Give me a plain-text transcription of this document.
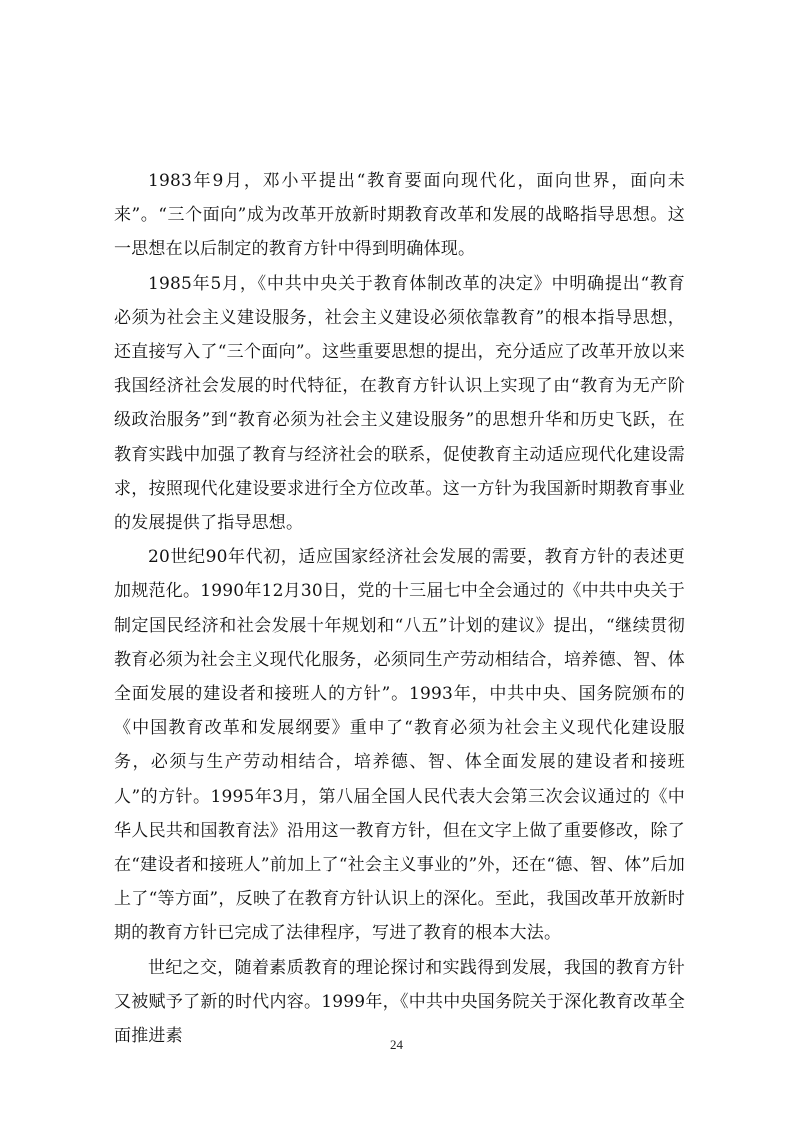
1983年9月，邓小平提出“教育要面向现代化，面向世界，面向未来”。“三个面向”成为改革开放新时期教育改革和发展的战略指导思想。这一思想在以后制定的教育方针中得到明确体现。

1985年5月，《中共中央关于教育体制改革的决定》中明确提出“教育必须为社会主义建设服务，社会主义建设必须依靠教育”的根本指导思想，还直接写入了“三个面向”。这些重要思想的提出，充分适应了改革开放以来我国经济社会发展的时代特征，在教育方针认识上实现了由“教育为无产阶级政治服务”到“教育必须为社会主义建设服务”的思想升华和历史飞跃，在教育实践中加强了教育与经济社会的联系，促使教育主动适应现代化建设需求，按照现代化建设要求进行全方位改革。这一方针为我国新时期教育事业的发展提供了指导思想。

20世纪90年代初，适应国家经济社会发展的需要，教育方针的表述更加规范化。1990年12月30日，党的十三届七中全会通过的《中共中央关于制定国民经济和社会发展十年规划和“八五”计划的建议》提出，“继续贯彻教育必须为社会主义现代化服务，必须同生产劳动相结合，培养德、智、体全面发展的建设者和接班人的方针”。1993年，中共中央、国务院颁布的《中国教育改革和发展纲要》重申了“教育必须为社会主义现代化建设服务，必须与生产劳动相结合，培养德、智、体全面发展的建设者和接班人”的方针。1995年3月，第八届全国人民代表大会第三次会议通过的《中华人民共和国教育法》沿用这一教育方针，但在文字上做了重要修改，除了在“建设者和接班人”前加上了“社会主义事业的”外，还在“德、智、体”后加上了“等方面”，反映了在教育方针认识上的深化。至此，我国改革开放新时期的教育方针已完成了法律程序，写进了教育的根本大法。

世纪之交，随着素质教育的理论探讨和实践得到发展，我国的教育方针又被赋予了新的时代内容。1999年，《中共中央国务院关于深化教育改革全面推进素	24
